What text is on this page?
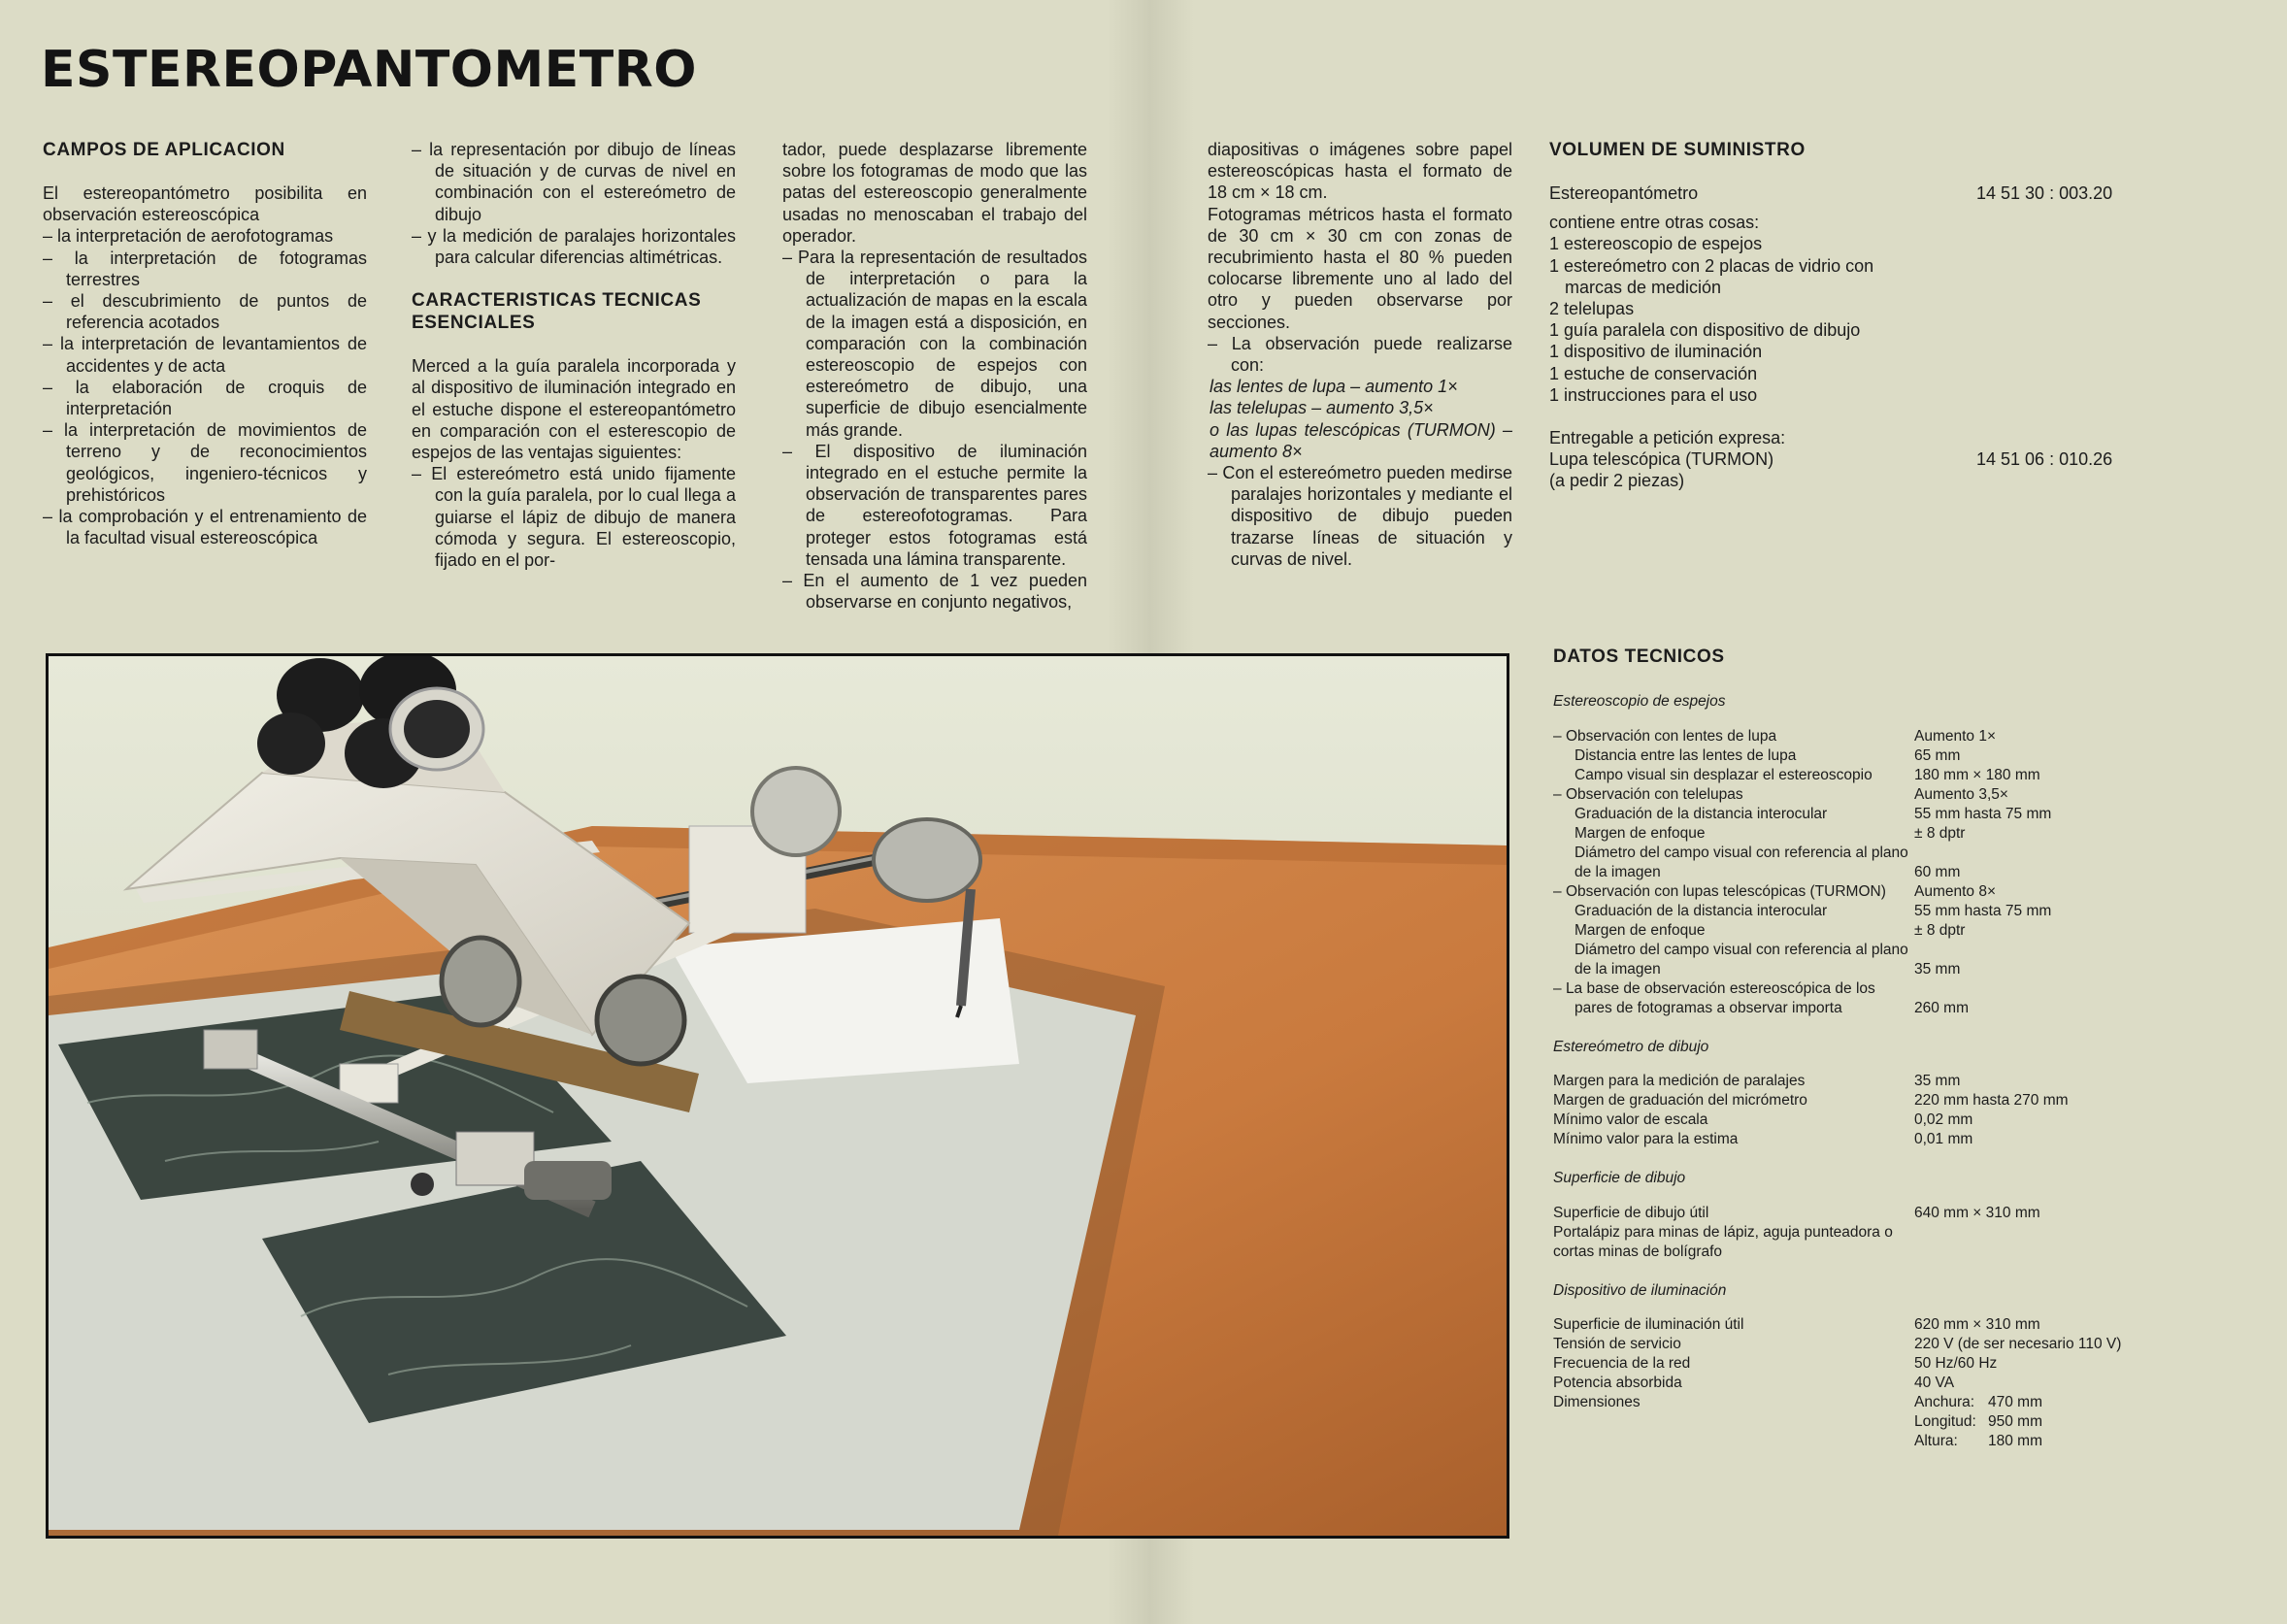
ESTEREOPANTOMETRO
CAMPOS DE APLICACION

El estereopantómetro posibilita en observación estereoscópica

– la interpretación de aerofotogramas

– la interpretación de fotogramas terrestres

– el descubrimiento de puntos de referencia acotados

– la interpretación de levantamientos de accidentes y de acta

– la elaboración de croquis de interpretación

– la interpretación de movimientos de terreno y de reconocimientos geológicos, ingeniero-técnicos y prehistóricos

– la comprobación y el entrenamiento de la facultad visual estereoscópica

– la representación por dibujo de líneas de situación y de curvas de nivel en combinación con el estereómetro de dibujo

– y la medición de paralajes horizontales para calcular diferencias altimétricas.

CARACTERISTICAS TECNICAS ESENCIALES

Merced a la guía paralela incorporada y al dispositivo de iluminación integrado en el estuche dispone el estereopantómetro en comparación con el esterescopio de espejos de las ventajas siguientes:

– El estereómetro está unido fijamente con la guía paralela, por lo cual llega a guiarse el lápiz de dibujo de manera cómoda y segura. El estereoscopio, fijado en el por-

tador, puede desplazarse libremente sobre los fotogramas de modo que las patas del estereoscopio generalmente usadas no menoscaban el trabajo del operador.

– Para la representación de resultados de interpretación o para la actualización de mapas en la escala de la imagen está a disposición, en comparación con la combinación estereoscopio de espejos con estereómetro de dibujo, una superficie de dibujo esencialmente más grande.

– El dispositivo de iluminación integrado en el estuche permite la observación de transparentes pares de estereofotogramas. Para proteger estos fotogramas está tensada una lámina transparente.

– En el aumento de 1 vez pueden observarse en conjunto negativos,

diapositivas o imágenes sobre papel estereoscópicas hasta el formato de 18 cm × 18 cm.

Fotogramas métricos hasta el formato de 30 cm × 30 cm con zonas de recubrimiento hasta el 80 % pueden colocarse libremente uno al lado del otro y pueden observarse por secciones.

– La observación puede realizarse con:

las lentes de lupa – aumento 1×

las telelupas – aumento 3,5×

o las lupas telescópicas (TURMON) – aumento 8×

– Con el estereómetro pueden medirse paralajes horizontales y mediante el dispositivo de dibujo pueden trazarse líneas de situación y curvas de nivel.

VOLUMEN DE SUMINISTRO
Estereopantómetro	14 51 30 : 003.20

contiene entre otras cosas:

1 estereoscopio de espejos

1 estereómetro con 2 placas de vidrio con marcas de medición

2 telelupas

1 guía paralela con dispositivo de dibujo

1 dispositivo de iluminación

1 estuche de conservación

1 instrucciones para el uso

Entregable a petición expresa:

Lupa telescópica (TURMON)	14 51 06 : 010.26

(a pedir 2 piezas)

DATOS TECNICOS

Estereoscopio de espejos

– Observación con lentes de lupa	Aumento 1×
Distancia entre las lentes de lupa	65 mm
Campo visual sin desplazar el estereoscopio	180 mm × 180 mm
– Observación con telelupas	Aumento 3,5×
Graduación de la distancia interocular	55 mm hasta 75 mm
Margen de enfoque	± 8 dptr
Diámetro del campo visual con referencia al plano de la imagen	60 mm
– Observación con lupas telescópicas (TURMON)	Aumento 8×
Graduación de la distancia interocular	55 mm hasta 75 mm
Margen de enfoque	± 8 dptr
Diámetro del campo visual con referencia al plano de la imagen	35 mm
– La base de observación estereoscópica de los pares de fotogramas a observar importa	260 mm

Estereómetro de dibujo

Margen para la medición de paralajes	35 mm
Margen de graduación del micrómetro	220 mm hasta 270 mm
Mínimo valor de escala	0,02 mm
Mínimo valor para la estima	0,01 mm

Superficie de dibujo

Superficie de dibujo útil	640 mm × 310 mm
Portalápiz para minas de lápiz, aguja punteadora o cortas minas de bolígrafo

Dispositivo de iluminación

Superficie de iluminación útil	620 mm × 310 mm
Tensión de servicio	220 V (de ser necesario 110 V)
Frecuencia de la red	50 Hz/60 Hz
Potencia absorbida	40 VA
Dimensiones	Anchura: 470 mm
Longitud: 950 mm
Altura: 180 mm
